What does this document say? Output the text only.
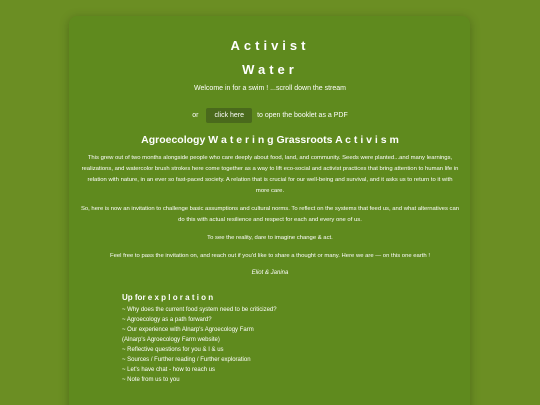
Activist
Water
Welcome in for a swim ! ...scroll down the stream
or	click here	to open the booklet as a PDF
Agroecology W a t e r i n g Grassroots A c t i v i s m

This grew out of two months alongside people who care deeply about food, land, and community. Seeds were planted...and many learnings, realizations, and watercolor brush strokes here come together as a way to lift eco-social and activist practices that bring attention to human life in relation with nature, in an ever so fast-paced society. A relation that is crucial for our well-being and survival, and it asks us to return to it with more care.

So, here is now an invitation to challenge basic assumptions and cultural norms. To reflect on the systems that feed us, and what alternatives can do this with actual resilience and respect for each and every one of us.

To see the reality, dare to imagine change & act.

Feel free to pass the invitation on, and reach out if you'd like to share a thought or many. Here we are — on this one earth !

Eliot & Janina
Up for e x p l o r a t i o n
~ Why does the current food system need to be criticized?
~ Agroecology as a path forward?
~ Our experience with Alnarp's Agroecology Farm
(Alnarp's Agroecology Farm website)
~ Reflective questions for you & I & us
~ Sources / Further reading / Further exploration
~ Let's have chat - how to reach us
~ Note from us to you
